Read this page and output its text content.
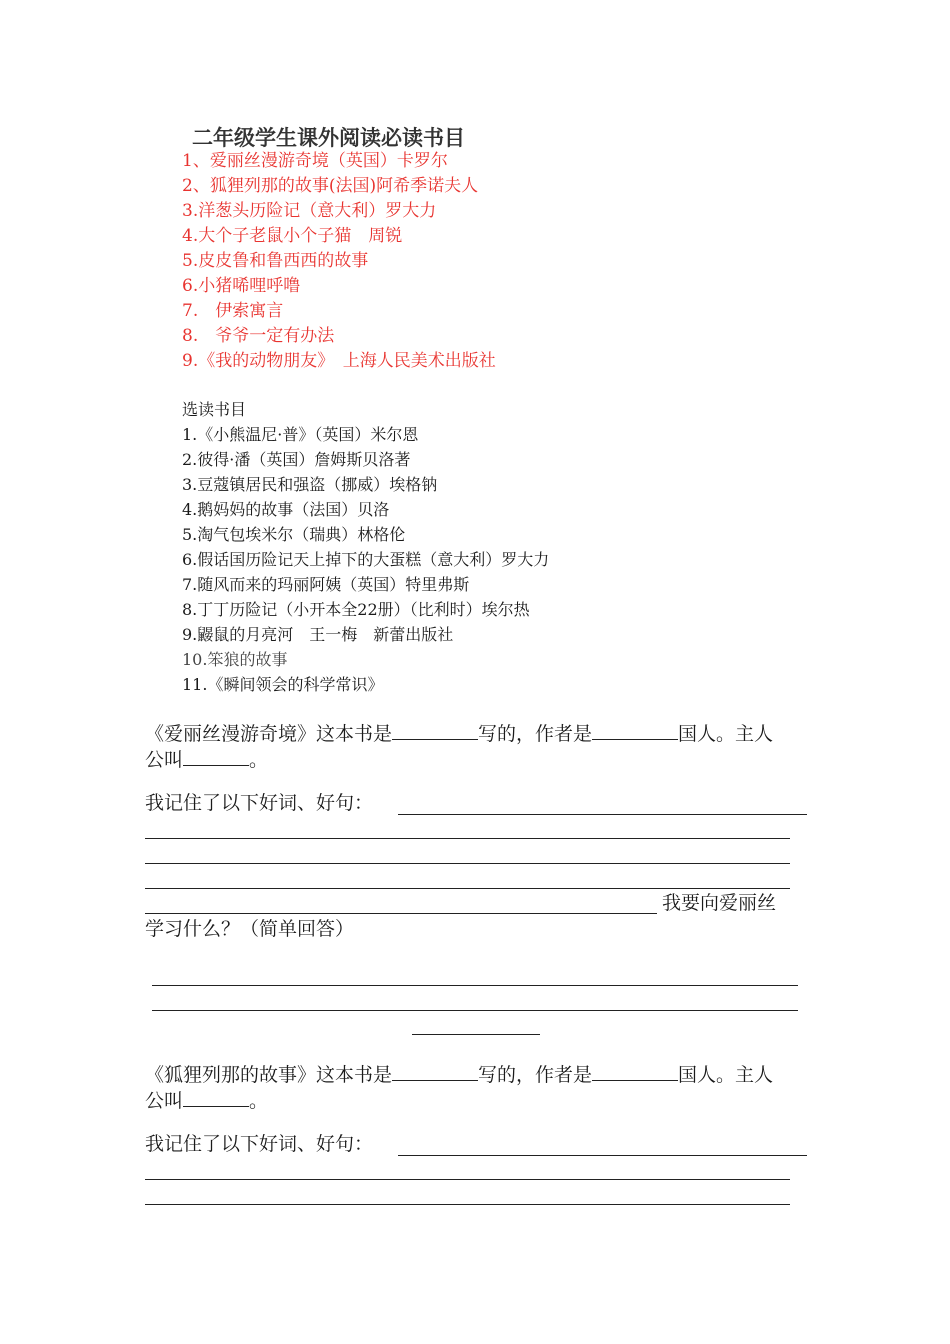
二年级学生课外阅读必读书目
1、爱丽丝漫游奇境（英国）卡罗尔
2、狐狸列那的故事(法国)阿希季诺夫人
3.洋葱头历险记（意大利）罗大力
4.大个子老鼠小个子猫　周锐
5.皮皮鲁和鲁西西的故事
6.小猪唏哩呼噜
7.　伊索寓言
8.　爷爷一定有办法
9.《我的动物朋友》　上海人民美术出版社
选读书目
1.《小熊温尼·普》（英国）米尔恩
2.彼得·潘（英国）詹姆斯贝洛著
3.豆蔻镇居民和强盗（挪威）埃格钠
4.鹅妈妈的故事（法国）贝洛
5.淘气包埃米尔（瑞典）林格伦
6.假话国历险记天上掉下的大蛋糕（意大利）罗大力
7.随风而来的玛丽阿姨（英国）特里弗斯
8.丁丁历险记（小开本全22册）（比利时）埃尔热
9.鼹鼠的月亮河　王一梅　新蕾出版社
10.笨狼的故事
11.《瞬间领会的科学常识》
《爱丽丝漫游奇境》这本书是	写的，作者是	国人。主人
公叫	。
我记住了以下好词、好句：
我要向爱丽丝
学习什么？（简单回答）
《狐狸列那的故事》这本书是	写的，作者是	国人。主人
公叫	。
我记住了以下好词、好句：
